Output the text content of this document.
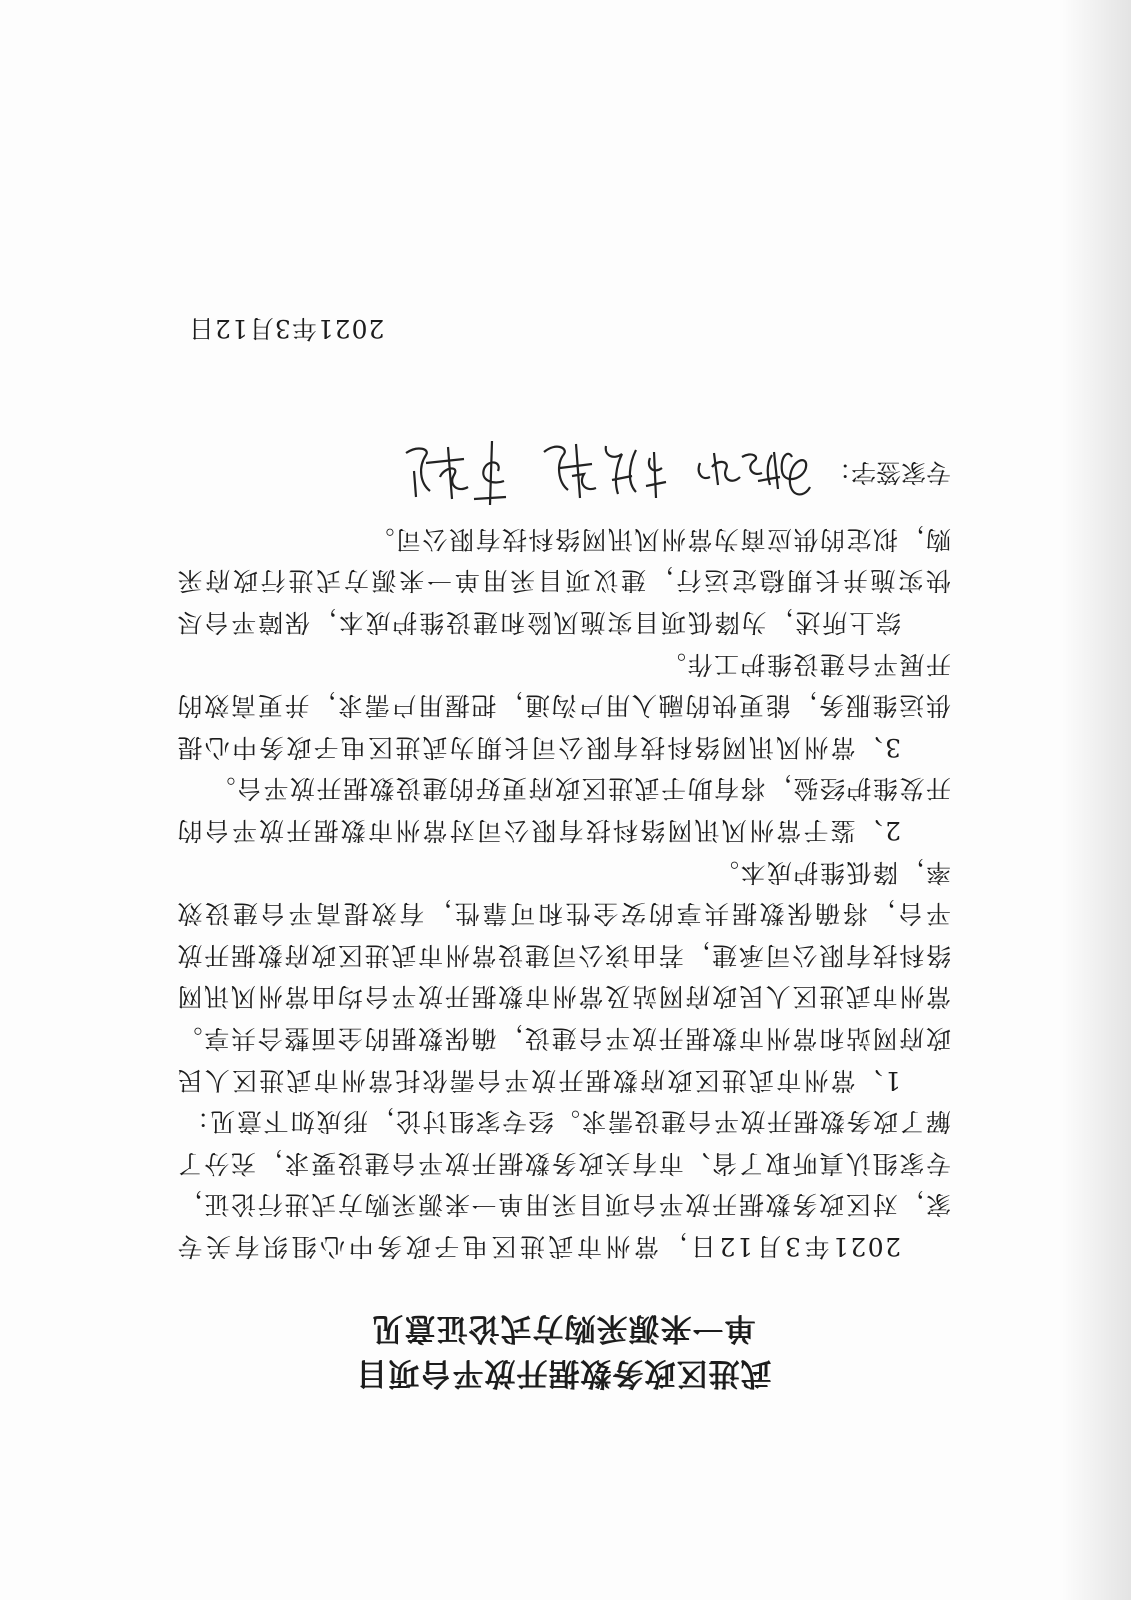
武进区政务数据开放平台项目

单一来源采购方式论证意见

2021年3月12日，常州市武进区电子政务中心组织有关专家，对区政务数据开放平台项目采用单一来源采购方式进行论证，专家组认真听取了省、市有关政务数据开放平台建设要求，充分了解了政务数据开放平台建设需求。经专家组讨论，形成如下意见：

1、常州市武进区政府数据开放平台需依托常州市武进区人民政府网站和常州市数据开放平台建设，确保数据的全面整合共享。常州市武进区人民政府网站及常州市数据开放平台均由常州风讯网络科技有限公司承建，若由该公司建设常州市武进区政府数据开放平台，将确保数据共享的安全性和可靠性，有效提高平台建设效率，降低维护成本。

2、鉴于常州风讯网络科技有限公司对常州市数据开放平台的开发维护经验，将有助于武进区政府更好的建设数据开放平台。

3、常州风讯网络科技有限公司长期为武进区电子政务中心提供运维服务，能更快的融入用户沟通，把握用户需求，并更高效的开展平台建设维护工作。

综上所述，为降低项目实施风险和建设维护成本，保障平台尽快实施并长期稳定运行，建议项目采用单一来源方式进行政府采购，拟定的供应商为常州风讯网络科技有限公司。

专家签字：
2021年3月12日
